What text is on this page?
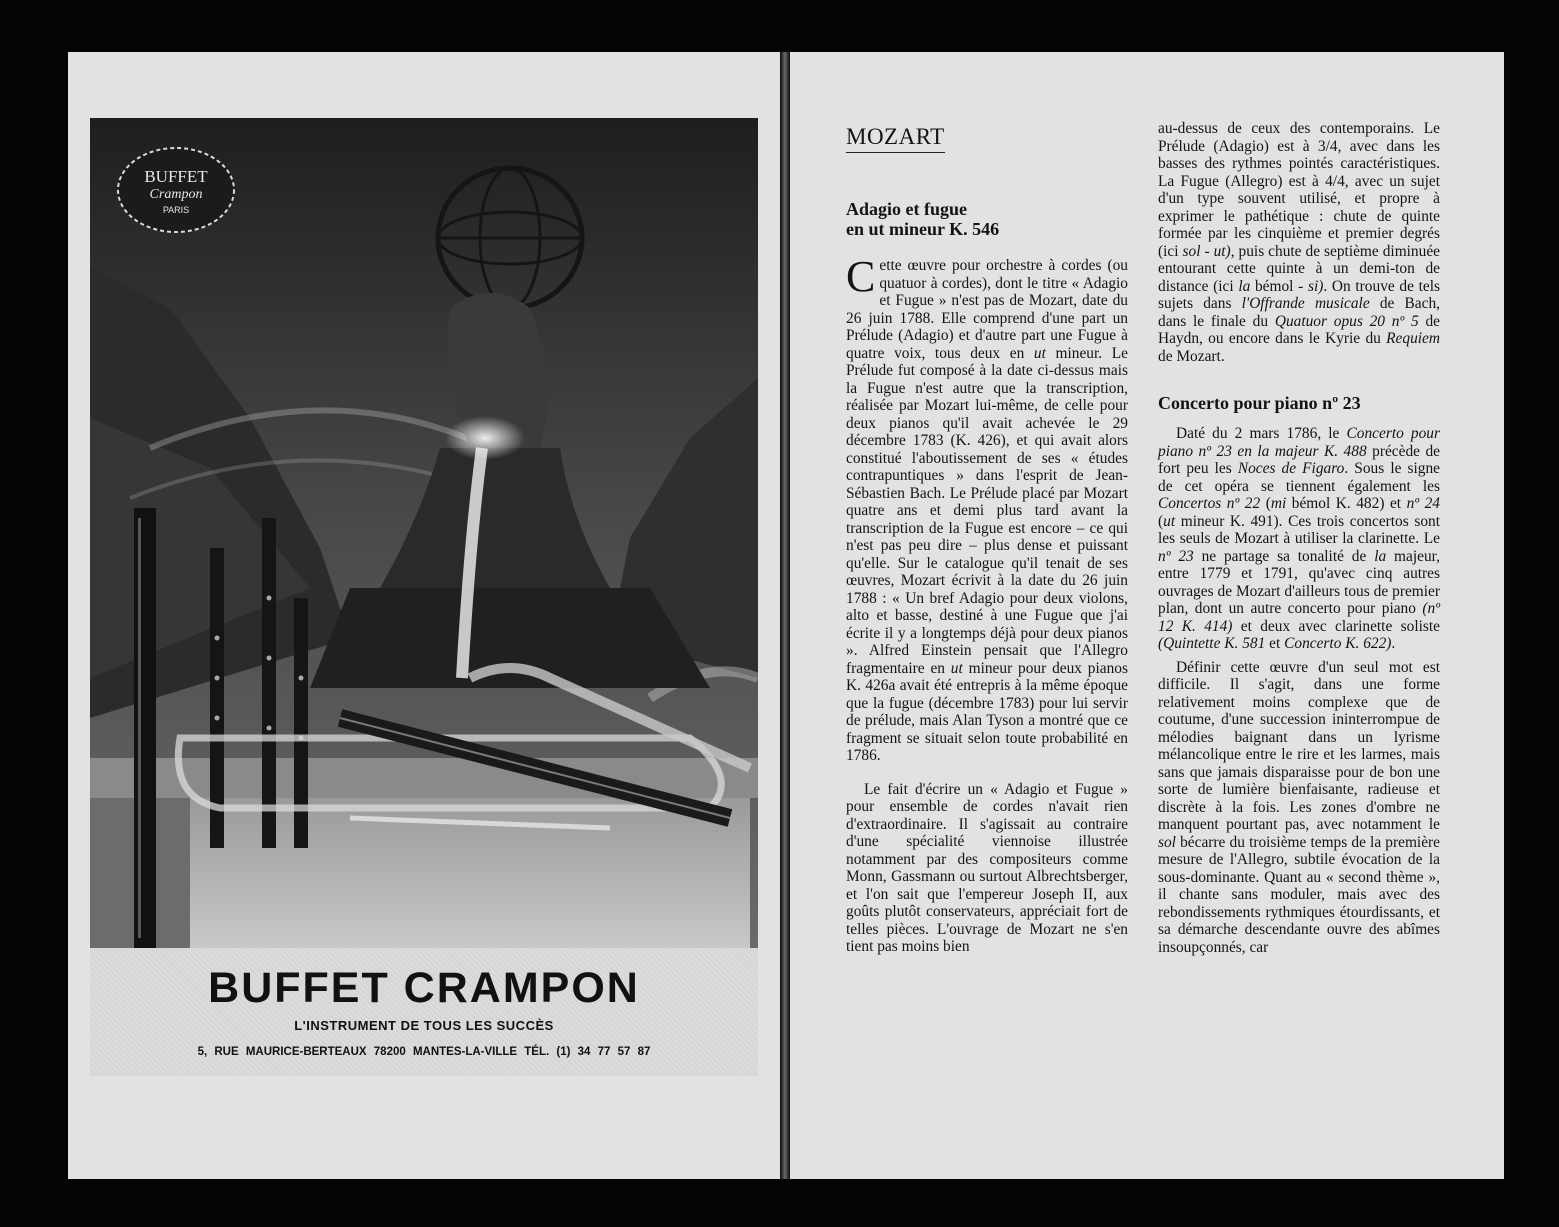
BUFFET
Crampon
PARIS
BUFFET CRAMPON
L'INSTRUMENT DE TOUS LES SUCCÈS
5, RUE MAURICE-BERTEAUX 78200 MANTES-LA-VILLE TÉL. (1) 34 77 57 87
MOZART
Adagio et fugue
en ut mineur K. 546

Cette œuvre pour orchestre à cordes (ou quatuor à cordes), dont le titre « Adagio et Fugue » n'est pas de Mozart, date du 26 juin 1788. Elle comprend d'une part un Prélude (Adagio) et d'autre part une Fugue à quatre voix, tous deux en ut mineur. Le Prélude fut composé à la date ci-dessus mais la Fugue n'est autre que la transcription, réalisée par Mozart lui-même, de celle pour deux pianos qu'il avait achevée le 29 décembre 1783 (K. 426), et qui avait alors constitué l'aboutissement de ses « études contrapuntiques » dans l'esprit de Jean-Sébastien Bach. Le Prélude placé par Mozart quatre ans et demi plus tard avant la transcription de la Fugue est encore – ce qui n'est pas peu dire – plus dense et puissant qu'elle. Sur le catalogue qu'il tenait de ses œuvres, Mozart écrivit à la date du 26 juin 1788 : « Un bref Adagio pour deux violons, alto et basse, destiné à une Fugue que j'ai écrite il y a longtemps déjà pour deux pianos ». Alfred Einstein pensait que l'Allegro fragmentaire en ut mineur pour deux pianos K. 426a avait été entrepris à la même époque que la fugue (décembre 1783) pour lui servir de prélude, mais Alan Tyson a montré que ce fragment se situait selon toute probabilité en 1786.

Le fait d'écrire un « Adagio et Fugue » pour ensemble de cordes n'avait rien d'extraordinaire. Il s'agissait au contraire d'une spécialité viennoise illustrée notamment par des compositeurs comme Monn, Gassmann ou surtout Albrechtsberger, et l'on sait que l'empereur Joseph II, aux goûts plutôt conservateurs, appréciait fort de telles pièces. L'ouvrage de Mozart ne s'en tient pas moins bien

au-dessus de ceux des contemporains. Le Prélude (Adagio) est à 3/4, avec dans les basses des rythmes pointés caractéristiques. La Fugue (Allegro) est à 4/4, avec un sujet d'un type souvent utilisé, et propre à exprimer le pathétique : chute de quinte formée par les cinquième et premier degrés (ici sol - ut), puis chute de septième diminuée entourant cette quinte à un demi-ton de distance (ici la bémol - si). On trouve de tels sujets dans l'Offrande musicale de Bach, dans le finale du Quatuor opus 20 nº 5 de Haydn, ou encore dans le Kyrie du Requiem de Mozart.

Concerto pour piano nº 23

Daté du 2 mars 1786, le Concerto pour piano nº 23 en la majeur K. 488 précède de fort peu les Noces de Figaro. Sous le signe de cet opéra se tiennent également les Concertos nº 22 (mi bémol K. 482) et nº 24 (ut mineur K. 491). Ces trois concertos sont les seuls de Mozart à utiliser la clarinette. Le nº 23 ne partage sa tonalité de la majeur, entre 1779 et 1791, qu'avec cinq autres ouvrages de Mozart d'ailleurs tous de premier plan, dont un autre concerto pour piano (nº 12 K. 414) et deux avec clarinette soliste (Quintette K. 581 et Concerto K. 622).

Définir cette œuvre d'un seul mot est difficile. Il s'agit, dans une forme relativement moins complexe que de coutume, d'une succession ininterrompue de mélodies baignant dans un lyrisme mélancolique entre le rire et les larmes, mais sans que jamais disparaisse pour de bon une sorte de lumière bienfaisante, radieuse et discrète à la fois. Les zones d'ombre ne manquent pourtant pas, avec notamment le sol bécarre du troisième temps de la première mesure de l'Allegro, subtile évocation de la sous-dominante. Quant au « second thème », il chante sans moduler, mais avec des rebondissements rythmiques étourdissants, et sa démarche descendante ouvre des abîmes insoupçonnés, car
